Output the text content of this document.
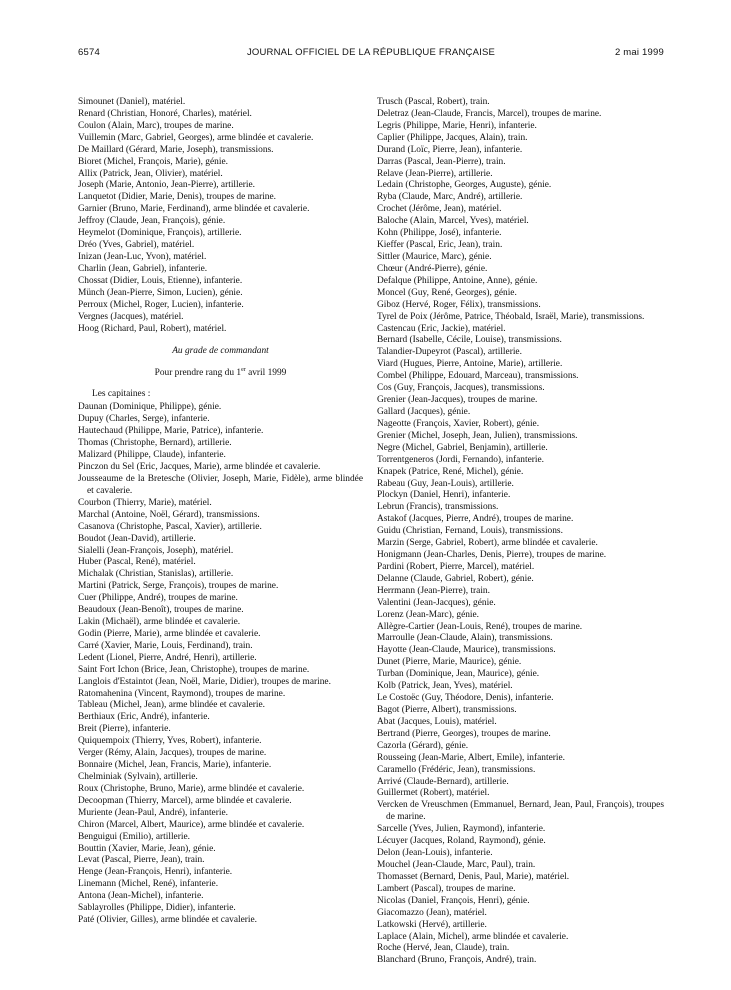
6574	JOURNAL OFFICIEL DE LA RÉPUBLIQUE FRANÇAISE	2 mai 1999
Simounet (Daniel), matériel.
Renard (Christian, Honoré, Charles), matériel.
Coulon (Alain, Marc), troupes de marine.
Vuillemin (Marc, Gabriel, Georges), arme blindée et cavalerie.
De Maillard (Gérard, Marie, Joseph), transmissions.
Bioret (Michel, François, Marie), génie.
Allix (Patrick, Jean, Olivier), matériel.
Joseph (Marie, Antonio, Jean-Pierre), artillerie.
Lanquetot (Didier, Marie, Denis), troupes de marine.
Garnier (Bruno, Marie, Ferdinand), arme blindée et cavalerie.
Jeffroy (Claude, Jean, François), génie.
Heymelot (Dominique, François), artillerie.
Dréo (Yves, Gabriel), matériel.
Inizan (Jean-Luc, Yvon), matériel.
Charlin (Jean, Gabriel), infanterie.
Chossat (Didier, Louis, Etienne), infanterie.
Münch (Jean-Pierre, Simon, Lucien), génie.
Perroux (Michel, Roger, Lucien), infanterie.
Vergnes (Jacques), matériel.
Hoog (Richard, Paul, Robert), matériel.
Au grade de commandant
Pour prendre rang du 1er avril 1999
Les capitaines :
Daunan (Dominique, Philippe), génie.
Dupuy (Charles, Serge), infanterie.
Hautechaud (Philippe, Marie, Patrice), infanterie.
Thomas (Christophe, Bernard), artillerie.
Malizard (Philippe, Claude), infanterie.
Pinczon du Sel (Eric, Jacques, Marie), arme blindée et cavalerie.
Jousseaume de la Bretesche (Olivier, Joseph, Marie, Fidèle), arme blindée et cavalerie.
Courbon (Thierry, Marie), matériel.
Marchal (Antoine, Noël, Gérard), transmissions.
Casanova (Christophe, Pascal, Xavier), artillerie.
Boudot (Jean-David), artillerie.
Sialelli (Jean-François, Joseph), matériel.
Huber (Pascal, René), matériel.
Michalak (Christian, Stanislas), artillerie.
Martini (Patrick, Serge, François), troupes de marine.
Cuer (Philippe, André), troupes de marine.
Beaudoux (Jean-Benoît), troupes de marine.
Lakin (Michaël), arme blindée et cavalerie.
Godin (Pierre, Marie), arme blindée et cavalerie.
Carré (Xavier, Marie, Louis, Ferdinand), train.
Ledent (Lionel, Pierre, André, Henri), artillerie.
Saint Fort Ichon (Brice, Jean, Christophe), troupes de marine.
Langlois d'Estaintot (Jean, Noël, Marie, Didier), troupes de marine.
Ratomahenina (Vincent, Raymond), troupes de marine.
Tableau (Michel, Jean), arme blindée et cavalerie.
Berthiaux (Eric, André), infanterie.
Breit (Pierre), infanterie.
Quiquempoix (Thierry, Yves, Robert), infanterie.
Verger (Rémy, Alain, Jacques), troupes de marine.
Bonnaire (Michel, Jean, Francis, Marie), infanterie.
Chelminiak (Sylvain), artillerie.
Roux (Christophe, Bruno, Marie), arme blindée et cavalerie.
Decoopman (Thierry, Marcel), arme blindée et cavalerie.
Muriente (Jean-Paul, André), infanterie.
Chiron (Marcel, Albert, Maurice), arme blindée et cavalerie.
Benguigui (Emilio), artillerie.
Bouttin (Xavier, Marie, Jean), génie.
Levat (Pascal, Pierre, Jean), train.
Henge (Jean-François, Henri), infanterie.
Linemann (Michel, René), infanterie.
Antona (Jean-Michel), infanterie.
Sablayrolles (Philippe, Didier), infanterie.
Paté (Olivier, Gilles), arme blindée et cavalerie.
Trusch (Pascal, Robert), train.
Deletraz (Jean-Claude, Francis, Marcel), troupes de marine.
Legris (Philippe, Marie, Henri), infanterie.
Caplier (Philippe, Jacques, Alain), train.
Durand (Loïc, Pierre, Jean), infanterie.
Darras (Pascal, Jean-Pierre), train.
Relave (Jean-Pierre), artillerie.
Ledain (Christophe, Georges, Auguste), génie.
Ryba (Claude, Marc, André), artillerie.
Crochet (Jérôme, Jean), matériel.
Baloche (Alain, Marcel, Yves), matériel.
Kohn (Philippe, José), infanterie.
Kieffer (Pascal, Eric, Jean), train.
Sittler (Maurice, Marc), génie.
Chœur (André-Pierre), génie.
Defalque (Philippe, Antoine, Anne), génie.
Moncel (Guy, René, Georges), génie.
Giboz (Hervé, Roger, Félix), transmissions.
Tyrel de Poix (Jérôme, Patrice, Théobald, Israël, Marie), transmissions.
Castencau (Eric, Jackie), matériel.
Bernard (Isabelle, Cécile, Louise), transmissions.
Talandier-Dupeyrot (Pascal), artillerie.
Viard (Hugues, Pierre, Antoine, Marie), artillerie.
Combel (Philippe, Edouard, Marceau), transmissions.
Cos (Guy, François, Jacques), transmissions.
Grenier (Jean-Jacques), troupes de marine.
Gallard (Jacques), génie.
Nageotte (François, Xavier, Robert), génie.
Grenier (Michel, Joseph, Jean, Julien), transmissions.
Negre (Michel, Gabriel, Benjamin), artillerie.
Torrentgeneros (Jordi, Fernando), infanterie.
Knapek (Patrice, René, Michel), génie.
Rabeau (Guy, Jean-Louis), artillerie.
Plockyn (Daniel, Henri), infanterie.
Lebrun (Francis), transmissions.
Astakof (Jacques, Pierre, André), troupes de marine.
Guidu (Christian, Fernand, Louis), transmissions.
Marzin (Serge, Gabriel, Robert), arme blindée et cavalerie.
Honigmann (Jean-Charles, Denis, Pierre), troupes de marine.
Pardini (Robert, Pierre, Marcel), matériel.
Delanne (Claude, Gabriel, Robert), génie.
Herrmann (Jean-Pierre), train.
Valentini (Jean-Jacques), génie.
Lorenz (Jean-Marc), génie.
Allègre-Cartier (Jean-Louis, René), troupes de marine.
Marroulle (Jean-Claude, Alain), transmissions.
Hayotte (Jean-Claude, Maurice), transmissions.
Dunet (Pierre, Marie, Maurice), génie.
Turban (Dominique, Jean, Maurice), génie.
Kolb (Patrick, Jean, Yves), matériel.
Le Costoëc (Guy, Théodore, Denis), infanterie.
Bagot (Pierre, Albert), transmissions.
Abat (Jacques, Louis), matériel.
Bertrand (Pierre, Georges), troupes de marine.
Cazorla (Gérard), génie.
Rousseing (Jean-Marie, Albert, Emile), infanterie.
Caramello (Frédéric, Jean), transmissions.
Arrivé (Claude-Bernard), artillerie.
Guillermet (Robert), matériel.
Vercken de Vreuschmen (Emmanuel, Bernard, Jean, Paul, François), troupes de marine.
Sarcelle (Yves, Julien, Raymond), infanterie.
Lécuyer (Jacques, Roland, Raymond), génie.
Delon (Jean-Louis), infanterie.
Mouchel (Jean-Claude, Marc, Paul), train.
Thomasset (Bernard, Denis, Paul, Marie), matériel.
Lambert (Pascal), troupes de marine.
Nicolas (Daniel, François, Henri), génie.
Giacomazzo (Jean), matériel.
Latkowski (Hervé), artillerie.
Laplace (Alain, Michel), arme blindée et cavalerie.
Roche (Hervé, Jean, Claude), train.
Blanchard (Bruno, François, André), train.
